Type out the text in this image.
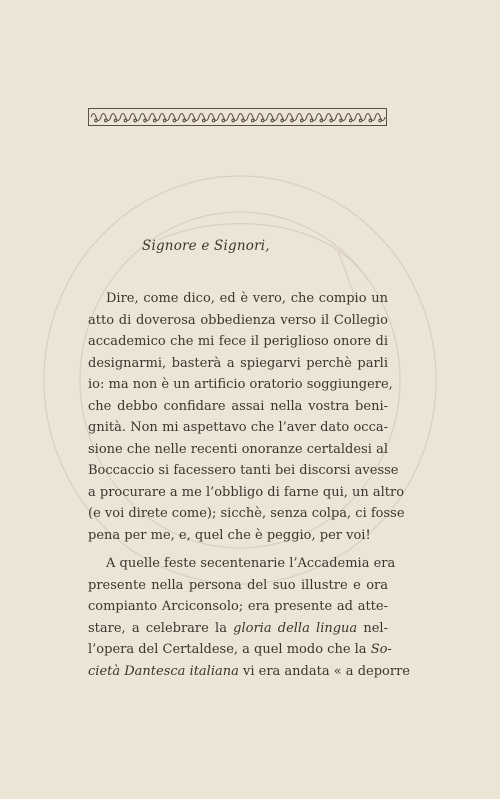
Signore e Signori,
Dire, come dico, ed è vero, che compio un
atto di doverosa obbedienza verso il Collegio
accademico che mi fece il periglioso onore di
designarmi, basterà a spiegarvi perchè parli
io: ma non è un artificio oratorio soggiungere,
che debbo confidare assai nella vostra beni-
gnità. Non mi aspettavo che l’aver dato occa-
sione che nelle recenti onoranze certaldesi al
Boccaccio si facessero tanti bei discorsi avesse
a procurare a me l’obbligo di farne qui, un altro
(e voi direte come); sicchè, senza colpa, ci fosse
pena per me, e, quel che è peggio, per voi!
A quelle feste secentenarie l’Accademia era
presente nella persona del suo illustre e ora
compianto Arciconsolo; era presente ad atte-
stare, a celebrare la gloria della lingua nel-
l’opera del Certaldese, a quel modo che la So-
cietà Dantesca italiana vi era andata « a deporre
